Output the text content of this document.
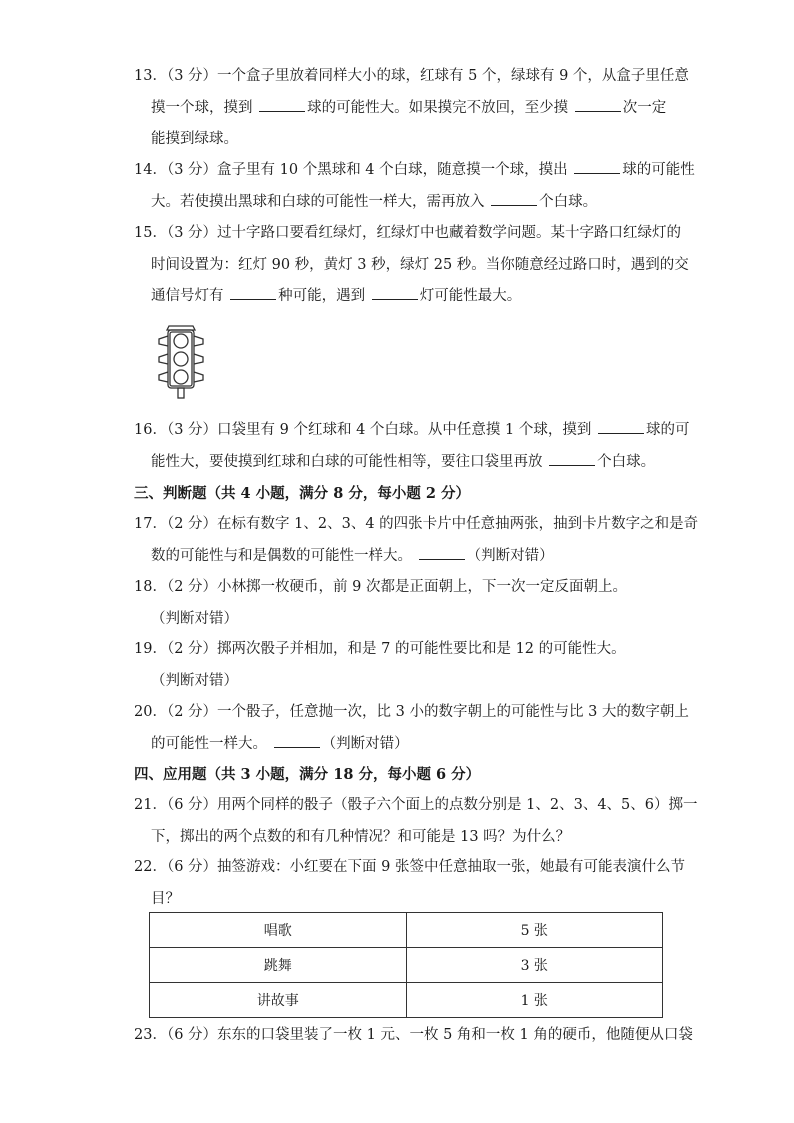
13．（3 分）一个盒子里放着同样大小的球，红球有 5 个，绿球有 9 个，从盒子里任意
摸一个球，摸到	球的可能性大。如果摸完不放回，至少摸	次一定
能摸到绿球。
14．（3 分）盒子里有 10 个黑球和 4 个白球，随意摸一个球，摸出	球的可能性
大。若使摸出黑球和白球的可能性一样大，需再放入	个白球。
15．（3 分）过十字路口要看红绿灯，红绿灯中也藏着数学问题。某十字路口红绿灯的
时间设置为：红灯 90 秒，黄灯 3 秒，绿灯 25 秒。当你随意经过路口时，遇到的交
通信号灯有	种可能，遇到	灯可能性最大。
16．（3 分）口袋里有 9 个红球和 4 个白球。从中任意摸 1 个球，摸到	球的可
能性大，要使摸到红球和白球的可能性相等，要往口袋里再放	个白球。
三、判断题（共 4 小题，满分 8 分，每小题 2 分）
17．（2 分）在标有数字 1、2、3、4 的四张卡片中任意抽两张，抽到卡片数字之和是奇
数的可能性与和是偶数的可能性一样大。	（判断对错）
18．（2 分）小林掷一枚硬币，前 9 次都是正面朝上，下一次一定反面朝上。
（判断对错）
19．（2 分）掷两次骰子并相加，和是 7 的可能性要比和是 12 的可能性大。
（判断对错）
20．（2 分）一个骰子，任意抛一次，比 3 小的数字朝上的可能性与比 3 大的数字朝上
的可能性一样大。	（判断对错）
四、应用题（共 3 小题，满分 18 分，每小题 6 分）
21．（6 分）用两个同样的骰子（骰子六个面上的点数分别是 1、2、3、4、5、6）掷一
下，掷出的两个点数的和有几种情况？和可能是 13 吗？为什么？
22．（6 分）抽签游戏：小红要在下面 9 张签中任意抽取一张，她最有可能表演什么节
目？
唱歌	5 张
跳舞	3 张
讲故事	1 张
23．（6 分）东东的口袋里装了一枚 1 元、一枚 5 角和一枚 1 角的硬币，他随便从口袋
